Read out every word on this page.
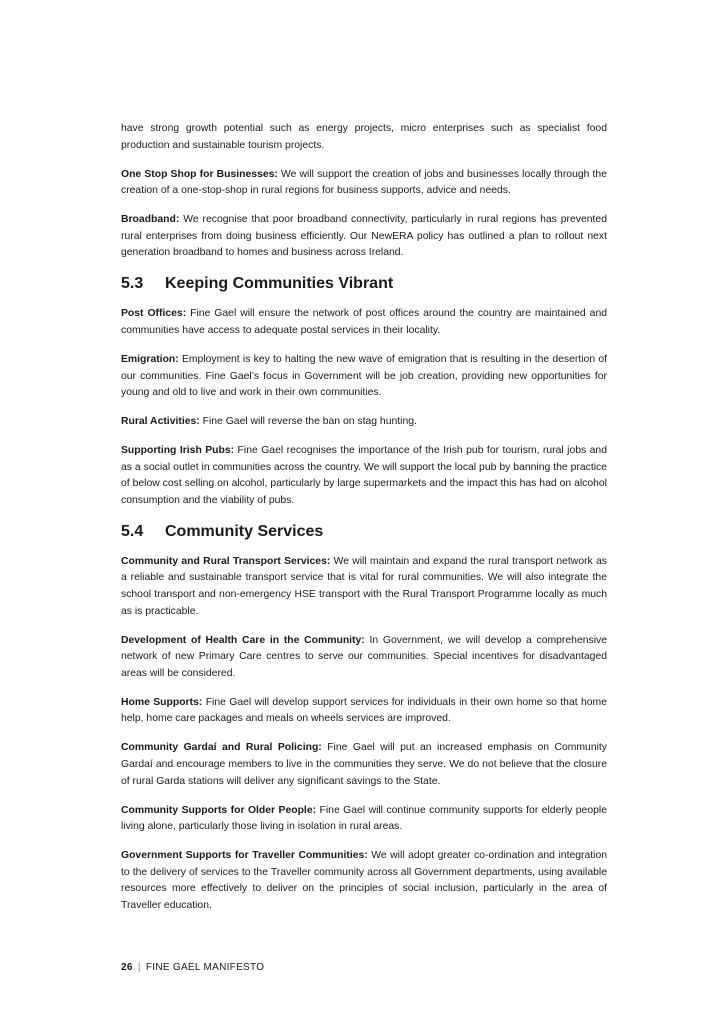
have strong growth potential such as energy projects, micro enterprises such as specialist food production and sustainable tourism projects.

One Stop Shop for Businesses: We will support the creation of jobs and businesses locally through the creation of a one-stop-shop in rural regions for business supports, advice and needs.

Broadband: We recognise that poor broadband connectivity, particularly in rural regions has prevented rural enterprises from doing business efficiently. Our NewERA policy has outlined a plan to rollout next generation broadband to homes and business across Ireland.

5.3	Keeping Communities Vibrant

Post Offices: Fine Gael will ensure the network of post offices around the country are maintained and communities have access to adequate postal services in their locality.

Emigration: Employment is key to halting the new wave of emigration that is resulting in the desertion of our communities. Fine Gael’s focus in Government will be job creation, providing new opportunities for young and old to live and work in their own communities.

Rural Activities: Fine Gael will reverse the ban on stag hunting.

Supporting Irish Pubs: Fine Gael recognises the importance of the Irish pub for tourism, rural jobs and as a social outlet in communities across the country. We will support the local pub by banning the practice of below cost selling on alcohol, particularly by large supermarkets and the impact this has had on alcohol consumption and the viability of pubs.

5.4	Community Services

Community and Rural Transport Services: We will maintain and expand the rural transport network as a reliable and sustainable transport service that is vital for rural communities. We will also integrate the school transport and non-emergency HSE transport with the Rural Transport Programme locally as much as is practicable.

Development of Health Care in the Community: In Government, we will develop a comprehensive network of new Primary Care centres to serve our communities. Special incentives for disadvantaged areas will be considered.

Home Supports: Fine Gael will develop support services for individuals in their own home so that home help, home care packages and meals on wheels services are improved.

Community Gardaí and Rural Policing: Fine Gael will put an increased emphasis on Community Gardaí and encourage members to live in the communities they serve. We do not believe that the closure of rural Garda stations will deliver any significant savings to the State.

Community Supports for Older People: Fine Gael will continue community supports for elderly people living alone, particularly those living in isolation in rural areas.

Government Supports for Traveller Communities: We will adopt greater co-ordination and integration to the delivery of services to the Traveller community across all Government departments, using available resources more effectively to deliver on the principles of social inclusion, particularly in the area of Traveller education.

26 | FINE GAEL MANIFESTO
